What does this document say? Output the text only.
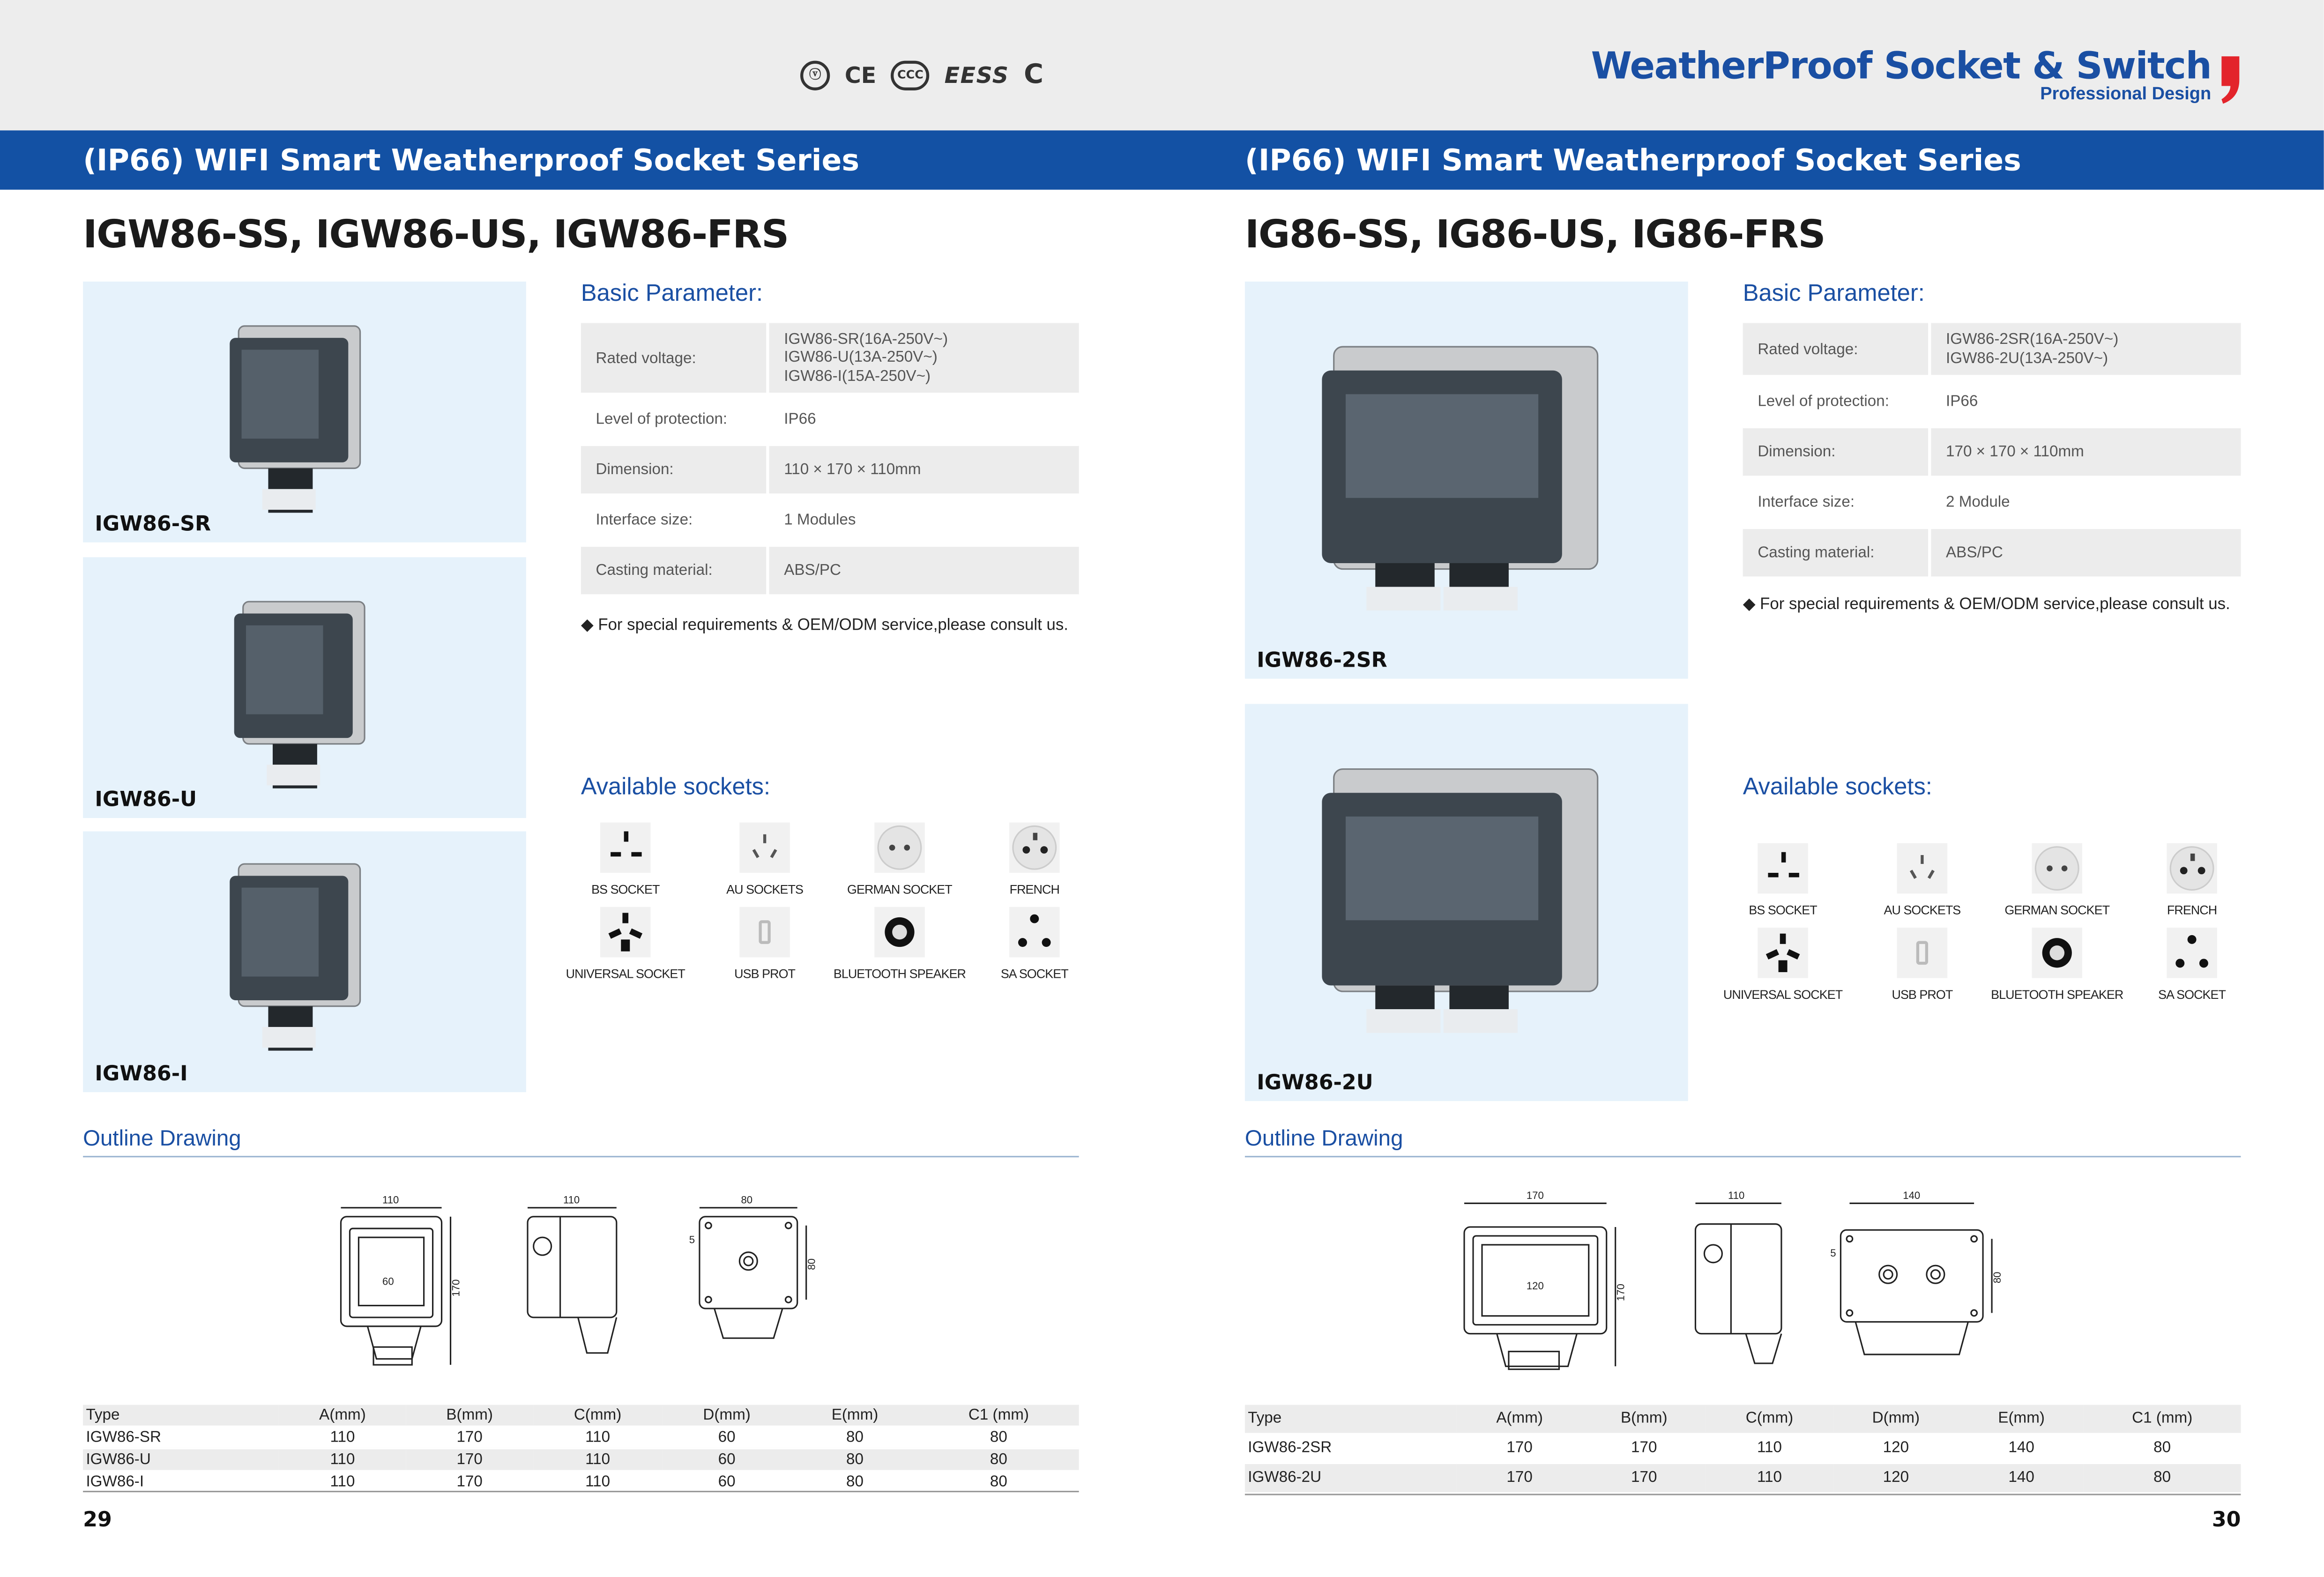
ⓥ	CE	CCC	EESS C	WeatherProof Socket & Switch
Professional Design
(IP66) WIFI Smart Weatherproof Socket Series	(IP66) WIFI Smart Weatherproof Socket Series
IGW86-SS, IGW86-US, IGW86-FRS
IGW86-SR
IGW86-U
IGW86-I
Basic Parameter:
Rated voltage:	IGW86-SR(16A-250V~)
IGW86-U(13A-250V~)
IGW86-I(15A-250V~)
Level of protection:	IP66
Dimension:	110 × 170 × 110mm
Interface size:	1 Modules
Casting material:	ABS/PC
◆ For special requirements & OEM/ODM service,please consult us.
Available sockets:
Outline Drawing
110
60	170
110	80
5
80
Type	A(mm)	B(mm)	C(mm)	D(mm)	E(mm)	C1 (mm)
IGW86-SR	110	170	110	60	80	80
IGW86-U	110	170	110	60	80	80
IGW86-I	110	170	110	60	80	80
29
BS SOCKET	AU SOCKETS	GERMAN SOCKET	FRENCH
UNIVERSAL SOCKET	USB PROT	BLUETOOTH SPEAKER	SA SOCKET
IG86-SS, IG86-US, IG86-FRS
IGW86-2SR
IGW86-2U
Basic Parameter:
Rated voltage:	IGW86-2SR(16A-250V~)
IGW86-2U(13A-250V~)
Level of protection:	IP66
Dimension:	170 × 170 × 110mm
Interface size:	2 Module
Casting material:	ABS/PC
◆ For special requirements & OEM/ODM service,please consult us.
Available sockets:
Outline Drawing
170
120	170
110	140
5
80
Type	A(mm)	B(mm)	C(mm)	D(mm)	E(mm)	C1 (mm)
IGW86-2SR	170	170	110	120	140	80
IGW86-2U	170	170	110	120	140	80
30
BS SOCKET	AU SOCKETS	GERMAN SOCKET	FRENCH
UNIVERSAL SOCKET	USB PROT	BLUETOOTH SPEAKER	SA SOCKET
